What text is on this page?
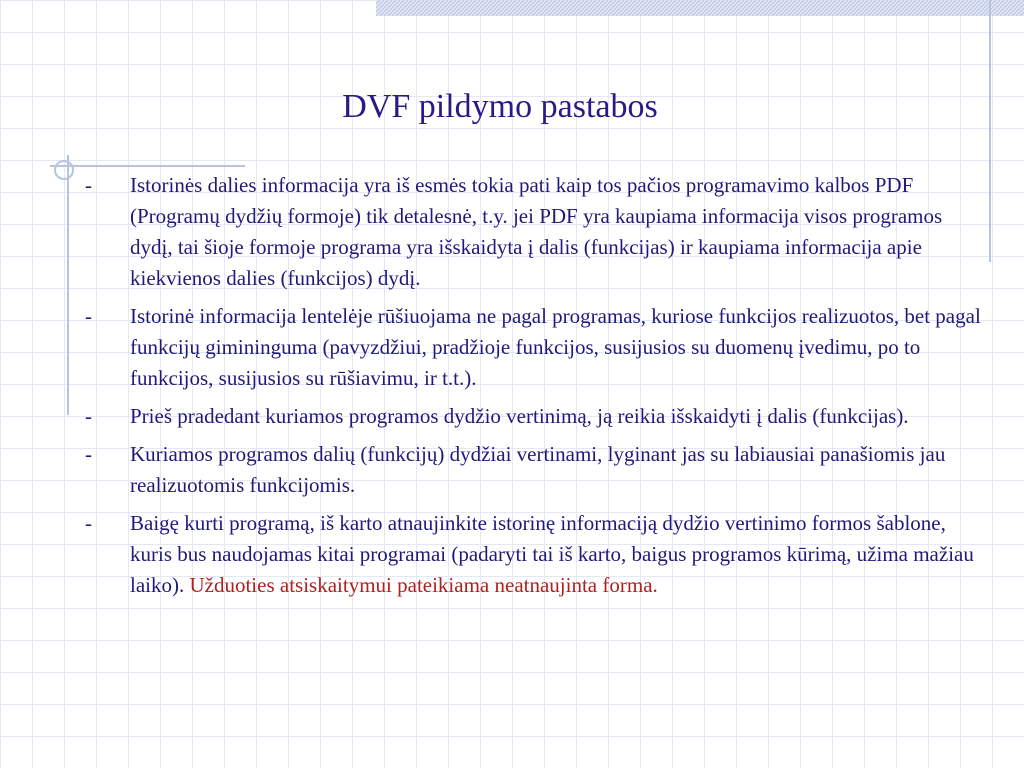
DVF pildymo pastabos
- Istorinės dalies informacija yra iš esmės tokia pati kaip tos pačios programavimo kalbos PDF (Programų dydžių formoje) tik detalesnė, t.y. jei PDF yra kaupiama informacija visos programos dydį, tai šioje formoje programa yra išskaidyta į dalis (funkcijas) ir kaupiama informacija apie kiekvienos dalies (funkcijos) dydį.
- Istorinė informacija lentelėje rūšiuojama ne pagal programas, kuriose funkcijos realizuotos, bet pagal funkcijų gimininguma (pavyzdžiui, pradžioje funkcijos, susijusios su duomenų įvedimu, po to funkcijos, susijusios su rūšiavimu, ir t.t.).
- Prieš pradedant kuriamos programos dydžio vertinimą, ją reikia išskaidyti į dalis (funkcijas).
- Kuriamos programos dalių (funkcijų) dydžiai vertinami, lyginant jas su labiausiai panašiomis jau realizuotomis funkcijomis.
- Baigę kurti programą, iš karto atnaujinkite istorinę informaciją dydžio vertinimo formos šablone, kuris bus naudojamas kitai programai (padaryti tai iš karto, baigus programos kūrimą, užima mažiau laiko). Užduoties atsiskaitymui pateikiama neatnaujinta forma.
